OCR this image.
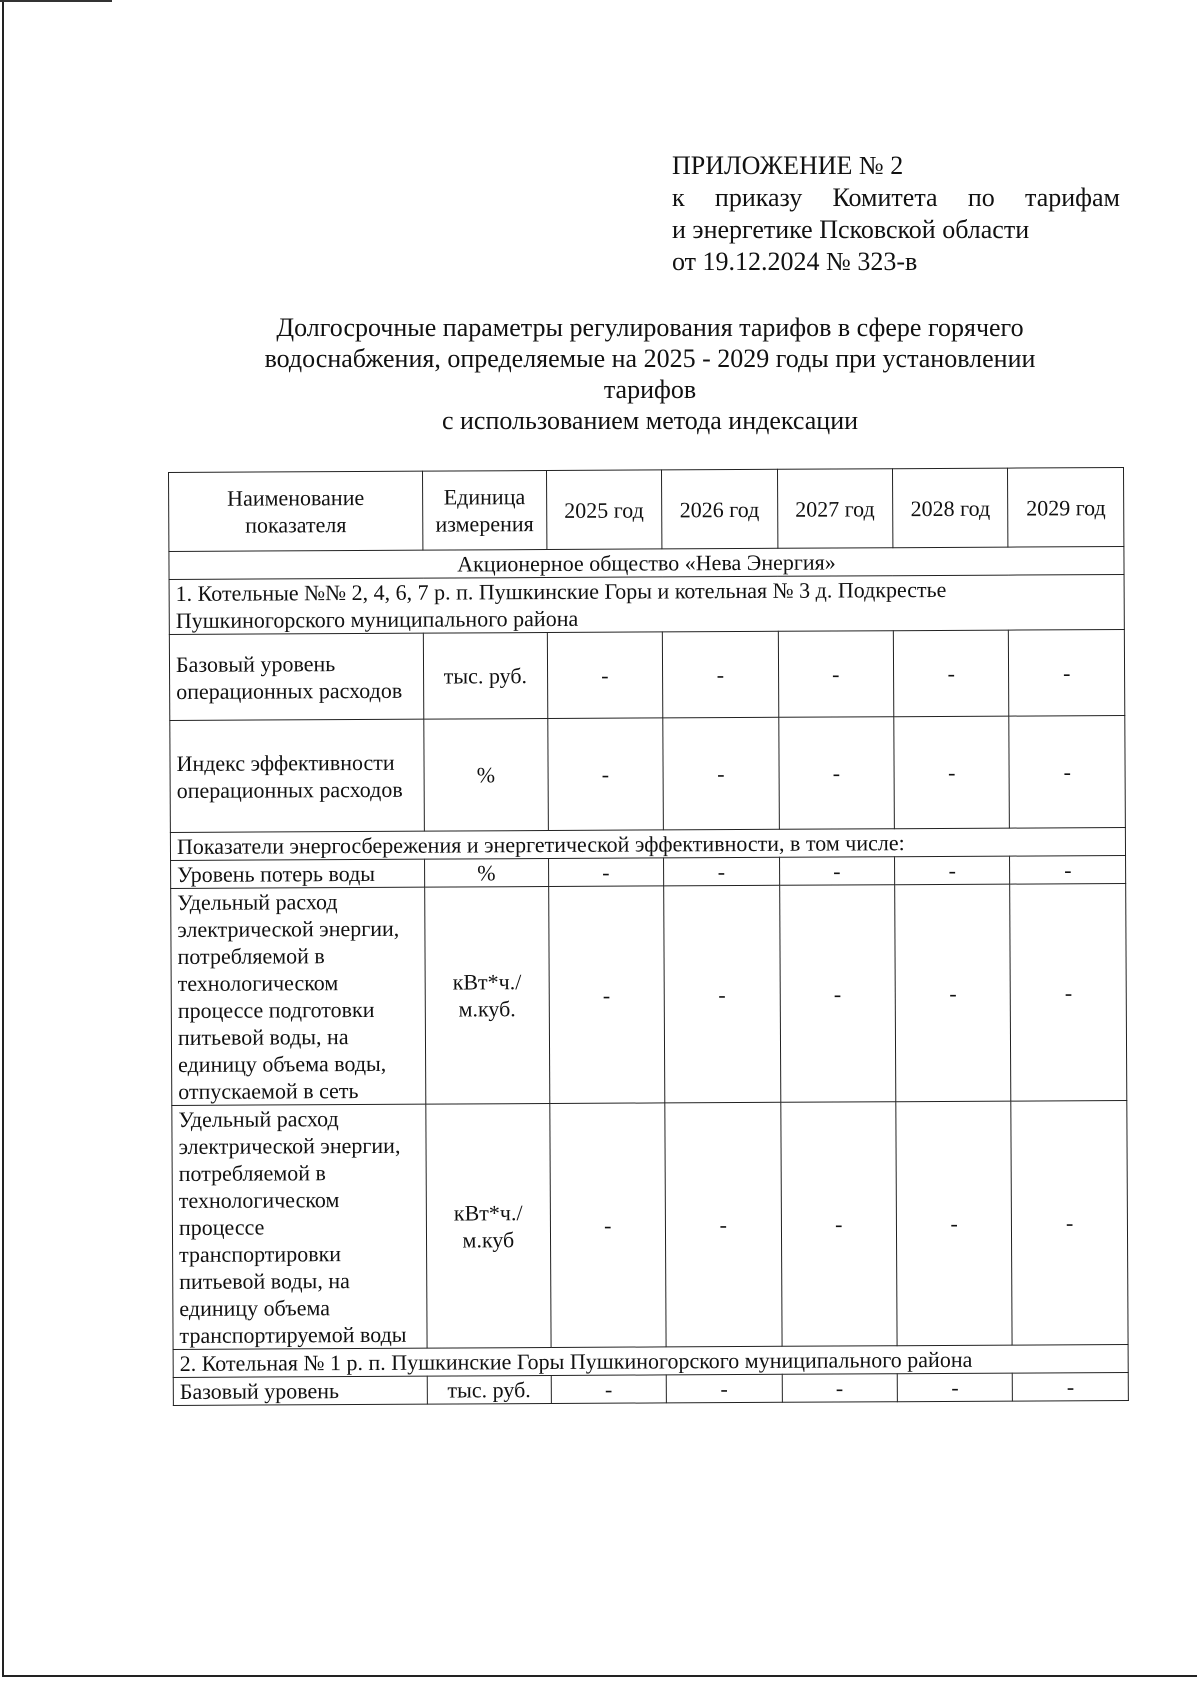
ПРИЛОЖЕНИЕ № 2
к приказу Комитета по тарифам
и энергетике Псковской области
от 19.12.2024 № 323-в
Долгосрочные параметры регулирования тарифов в сфере горячего
водоснабжения, определяемые на 2025 - 2029 годы при установлении
тарифов
с использованием метода индексации
Наименование показателя	Единица измерения	2025 год	2026 год	2027 год	2028 год	2029 год
Акционерное общество «Нева Энергия»						
1. Котельные №№ 2, 4, 6, 7 р. п. Пушкинские Горы и котельная № 3 д. Подкрестье Пушкиногорского муниципального района						
Базовый уровень операционных расходов	тыс. руб.	-	-	-	-	-
Индекс эффективности операционных расходов	%	-	-	-	-	-
Показатели энергосбережения и энергетической эффективности, в том числе:						
Уровень потерь воды	%	-	-	-	-	-
Удельный расход электрической энергии, потребляемой в технологическом процессе подготовки питьевой воды, на единицу объема воды, отпускаемой в сеть	кВт*ч./м.куб.	-	-	-	-	-
Удельный расход электрической энергии, потребляемой в технологическом процессе транспортировки питьевой воды, на единицу объема транспортируемой воды	кВт*ч./м.куб	-	-	-	-	-
2. Котельная № 1 р. п. Пушкинские Горы Пушкиногорского муниципального района						
Базовый уровень	тыс. руб.	-	-	-	-	-
